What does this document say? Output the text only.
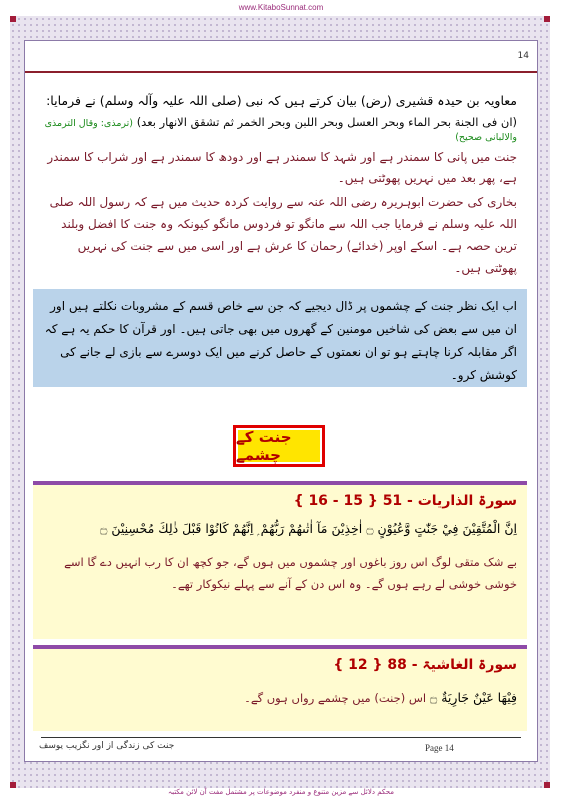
www.KitaboSunnat.com
14
معاویہ بن حیدہ قشیری (رض) بیان کرتے ہیں کہ نبی (صلی اللہ علیہ وآلہ وسلم) نے فرمایا:
(ان فی الجنة بحر الماء وبحر العسل وبحر اللبن وبحر الخمر ثم تشقق الانھار بعد) (ترمذی: وقال الترمذی والالبانی صحیح)
جنت میں پانی کا سمندر ہے اور شہد کا سمندر ہے اور دودھ کا سمندر ہے اور شراب کا سمندر ہے، پھر بعد میں نہریں پھوٹتی ہیں۔
بخاری کی حضرت ابوہریرہ رضی اللہ عنہ سے روایت کردہ حدیث میں ہے کہ رسول اللہ صلی اللہ علیہ وسلم نے فرمایا جب اللہ سے مانگو تو فردوس مانگو کیونکہ وہ جنت کا افضل وبلند ترین حصہ ہے۔ اسکے اوپر (خدائے) رحمان کا عرش ہے اور اسی میں سے جنت کی نہریں پھوٹتی ہیں۔
اب ایک نظر جنت کے چشموں پر ڈال دیجیے کہ جن سے خاص قسم کے مشروبات نکلتے ہیں اور ان میں سے بعض کی شاخیں مومنین کے گھروں میں بھی جاتی ہیں۔ اور قرآن کا حکم یہ ہے کہ اگر مقابلہ کرنا چاہتے ہو تو ان نعمتوں کے حاصل کرنے میں ایک دوسرے سے بازی لے جانے کی کوشش کرو۔
جنت کے چشمے
سورۃ الذاریات - 51 { 15 - 16 }
اِنَّ الْمُتَّقِيْنَ فِيْ جَنّٰتٍ وَّعُيُوْنٍ ۝ اٰخِذِيْنَ مَآ اٰتٰىهُمْ رَبُّهُمْ ۭ اِنَّهُمْ كَانُوْا قَبْلَ ذٰلِكَ مُحْسِنِيْنَ ۝
بے شک متقی لوگ اس روز باغوں اور چشموں میں ہوں گے، جو کچھ ان کا رب انہیں دے گا اسے خوشی خوشی لے رہے ہوں گے۔ وہ اس دن کے آنے سے پہلے نیکوکار تھے۔
سورۃ الغاشیۃ - 88 { 12 }
فِيْهَا عَيْنٌ جَارِيَةٌ ۝ اس (جنت) میں چشمے رواں ہوں گے۔
Page 14
جنت کی زندگی از اور نگزیب یوسف
محکم دلائل سے مزین متنوع و منفرد موضوعات پر مشتمل مفت آن لائن مکتبہ
